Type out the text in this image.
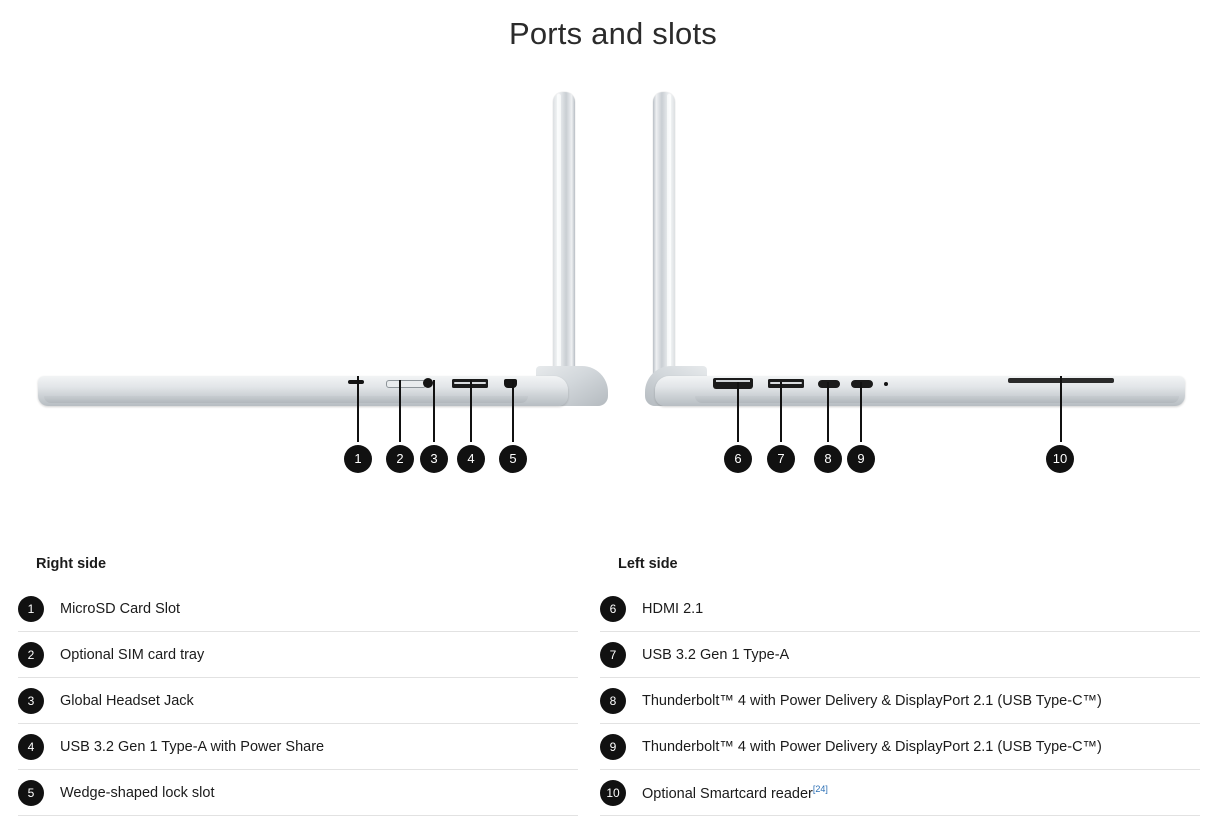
Ports and slots
1	2	3	4	5	6	7	8	9	10
Right side
1	MicroSD Card Slot
2	Optional SIM card tray
3	Global Headset Jack
4	USB 3.2 Gen 1 Type-A with Power Share
5	Wedge-shaped lock slot
Left side
6	HDMI 2.1
7	USB 3.2 Gen 1 Type-A
8	Thunderbolt™ 4 with Power Delivery & DisplayPort 2.1 (USB Type-C™)
9	Thunderbolt™ 4 with Power Delivery & DisplayPort 2.1 (USB Type-C™)
10	Optional Smartcard reader[24]
